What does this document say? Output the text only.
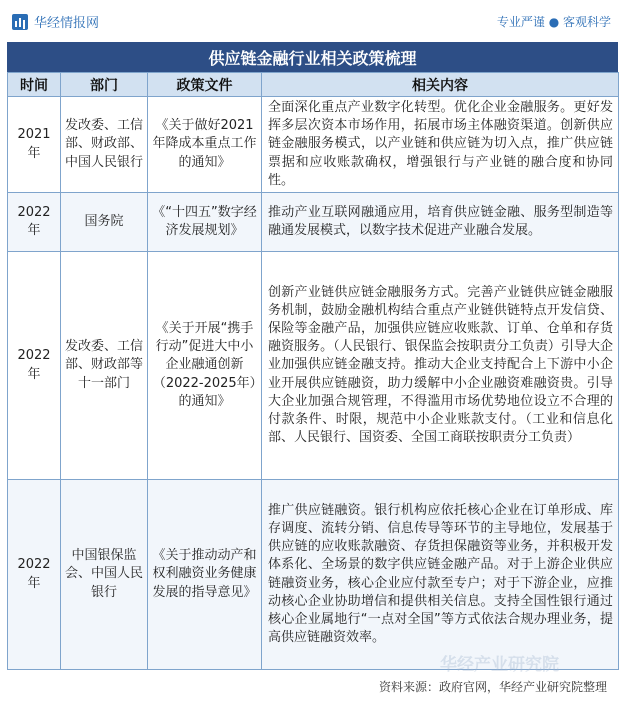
华经情报网	专业严谨 ● 客观科学
供应链金融行业相关政策梳理
时间	部门	政策文件	相关内容
2021年	发改委、工信部、财政部、中国人民银行	《关于做好2021年降成本重点工作的通知》	全面深化重点产业数字化转型。优化企业金融服务。更好发挥多层次资本市场作用，拓展市场主体融资渠道。创新供应链金融服务模式，以产业链和供应链为切入点，推广供应链票据和应收账款确权，增强银行与产业链的融合度和协同性。
2022年	国务院	《“十四五”数字经济发展规划》	推动产业互联网融通应用，培育供应链金融、服务型制造等融通发展模式，以数字技术促进产业融合发展。
2022年	发改委、工信部、财政部等十一部门	《关于开展“携手行动”促进大中小企业融通创新（2022-2025年）的通知》	创新产业链供应链金融服务方式。完善产业链供应链金融服务机制，鼓励金融机构结合重点产业链供链特点开发信贷、保险等金融产品，加强供应链应收账款、订单、仓单和存货融资服务。（人民银行、银保监会按职责分工负责）引导大企业加强供应链金融支持。推动大企业支持配合上下游中小企业开展供应链融资，助力缓解中小企业融资难融资贵。引导大企业加强合规管理，不得滥用市场优势地位设立不合理的付款条件、时限，规范中小企业账款支付。（工业和信息化部、人民银行、国资委、全国工商联按职责分工负责）
2022年	中国银保监会、中国人民银行	《关于推动动产和权利融资业务健康发展的指导意见》	推广供应链融资。银行机构应依托核心企业在订单形成、库存调度、流转分销、信息传导等环节的主导地位，发展基于供应链的应收账款融资、存货担保融资等业务，并积极开发体系化、全场景的数字供应链金融产品。对于上游企业供应链融资业务，核心企业应付款至专户；对于下游企业，应推动核心企业协助增信和提供相关信息。支持全国性银行通过核心企业属地行“一点对全国”等方式依法合规办理业务，提高供应链融资效率。
华经产业研究院
资料来源：政府官网，华经产业研究院整理
